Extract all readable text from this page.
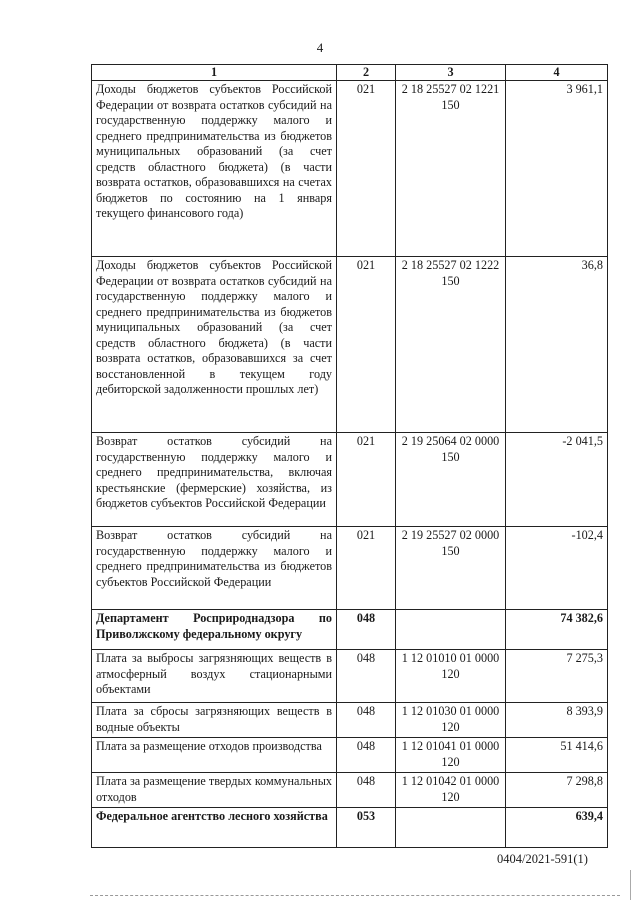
4
1	2	3	4
Доходы бюджетов субъектов Российской Федерации от возврата остатков субсидий на государственную поддержку малого и среднего предпринимательства из бюджетов муниципальных образований (за счет средств областного бюджета) (в части возврата остатков, образовавшихся на счетах бюджетов по состоянию на 1 января текущего финансового года)	021	2 18 25527 02 1221 150	3 961,1
Доходы бюджетов субъектов Российской Федерации от возврата остатков субсидий на государственную поддержку малого и среднего предпринимательства из бюджетов муниципальных образований (за счет средств областного бюджета) (в части возврата остатков, образовавшихся за счет восстановленной в текущем году дебиторской задолженности прошлых лет)	021	2 18 25527 02 1222 150	36,8
Возврат остатков субсидий на государственную поддержку малого и среднего предпринимательства, включая крестьянские (фермерские) хозяйства, из бюджетов субъектов Российской Федерации	021	2 19 25064 02 0000 150	-2 041,5
Возврат остатков субсидий на государственную поддержку малого и среднего предпринимательства из бюджетов субъектов Российской Федерации	021	2 19 25527 02 0000 150	-102,4
Департамент Росприроднадзора по Приволжскому федеральному округу	048		74 382,6
Плата за выбросы загрязняющих веществ в атмосферный воздух стационарными объектами	048	1 12 01010 01 0000 120	7 275,3
Плата за сбросы загрязняющих веществ в водные объекты	048	1 12 01030 01 0000 120	8 393,9
Плата за размещение отходов производства	048	1 12 01041 01 0000 120	51 414,6
Плата за размещение твердых коммунальных отходов	048	1 12 01042 01 0000 120	7 298,8
Федеральное агентство лесного хозяйства	053		639,4
0404/2021-591(1)
